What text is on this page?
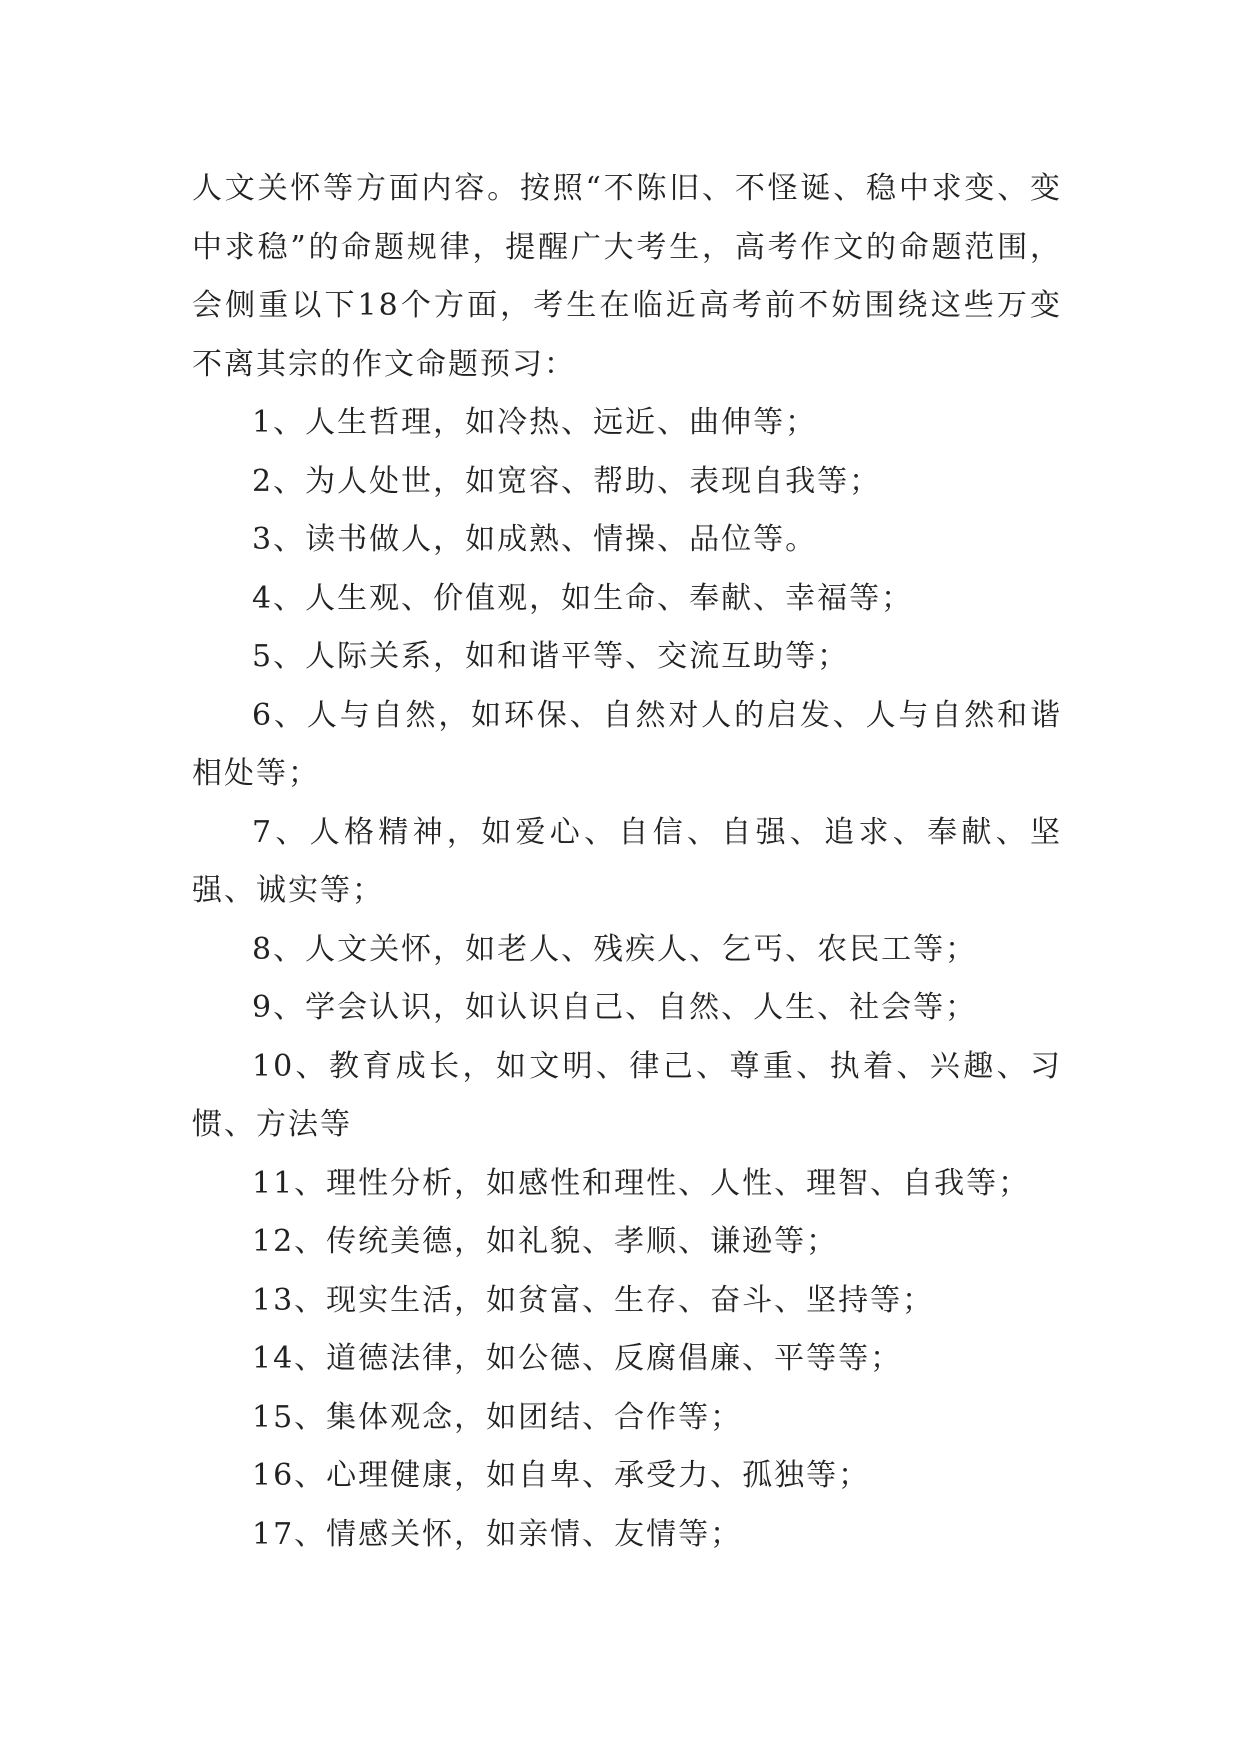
人文关怀等方面内容。按照“不陈旧、不怪诞、稳中求变、变中求稳”的命题规律，提醒广大考生，高考作文的命题范围，会侧重以下18个方面，考生在临近高考前不妨围绕这些万变不离其宗的作文命题预习：

1、人生哲理，如冷热、远近、曲伸等；

2、为人处世，如宽容、帮助、表现自我等；

3、读书做人，如成熟、情操、品位等。

4、人生观、价值观，如生命、奉献、幸福等；

5、人际关系，如和谐平等、交流互助等；

6、人与自然，如环保、自然对人的启发、人与自然和谐相处等；

7、人格精神，如爱心、自信、自强、追求、奉献、坚强、诚实等；

8、人文关怀，如老人、残疾人、乞丐、农民工等；

9、学会认识，如认识自己、自然、人生、社会等；

10、教育成长，如文明、律己、尊重、执着、兴趣、习惯、方法等

11、理性分析，如感性和理性、人性、理智、自我等；

12、传统美德，如礼貌、孝顺、谦逊等；

13、现实生活，如贫富、生存、奋斗、坚持等；

14、道德法律，如公德、反腐倡廉、平等等；

15、集体观念，如团结、合作等；

16、心理健康，如自卑、承受力、孤独等；

17、情感关怀，如亲情、友情等；
